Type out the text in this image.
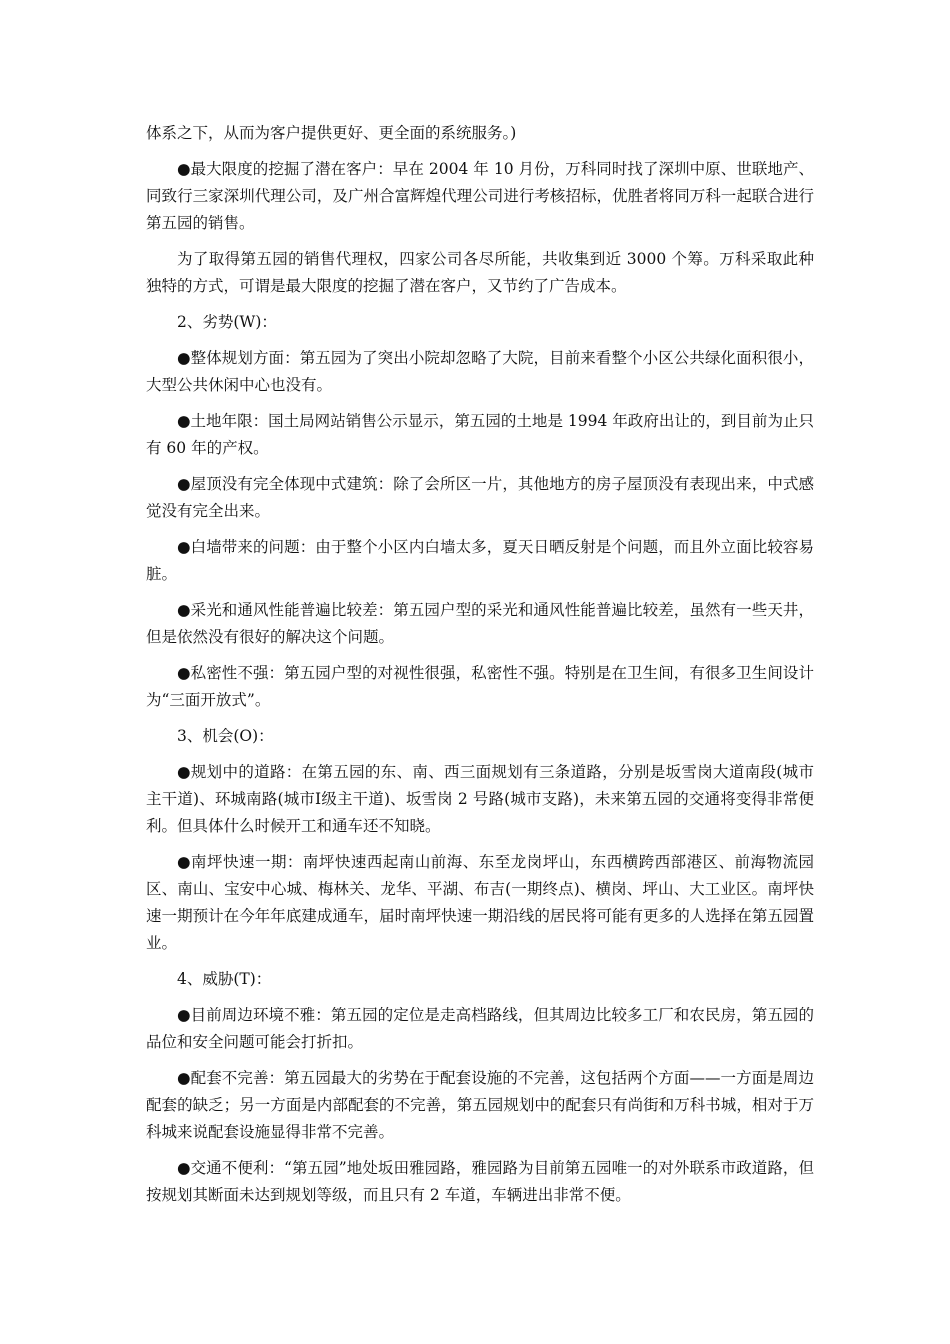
体系之下，从而为客户提供更好、更全面的系统服务。)

●最大限度的挖掘了潜在客户：早在 2004 年 10 月份，万科同时找了深圳中原、世联地产、同致行三家深圳代理公司，及广州合富辉煌代理公司进行考核招标，优胜者将同万科一起联合进行第五园的销售。

为了取得第五园的销售代理权，四家公司各尽所能，共收集到近 3000 个筹。万科采取此种独特的方式，可谓是最大限度的挖掘了潜在客户，又节约了广告成本。

2、劣势(W)：

●整体规划方面：第五园为了突出小院却忽略了大院，目前来看整个小区公共绿化面积很小，大型公共休闲中心也没有。

●土地年限：国土局网站销售公示显示，第五园的土地是 1994 年政府出让的，到目前为止只有 60 年的产权。

●屋顶没有完全体现中式建筑：除了会所区一片，其他地方的房子屋顶没有表现出来，中式感觉没有完全出来。

●白墙带来的问题：由于整个小区内白墙太多，夏天日晒反射是个问题，而且外立面比较容易脏。

●采光和通风性能普遍比较差：第五园户型的采光和通风性能普遍比较差，虽然有一些天井，但是依然没有很好的解决这个问题。

●私密性不强：第五园户型的对视性很强，私密性不强。特别是在卫生间，有很多卫生间设计为“三面开放式”。

3、机会(O)：

●规划中的道路：在第五园的东、南、西三面规划有三条道路，分别是坂雪岗大道南段(城市主干道)、环城南路(城市Ⅰ级主干道)、坂雪岗 2 号路(城市支路)，未来第五园的交通将变得非常便利。但具体什么时候开工和通车还不知晓。

●南坪快速一期：南坪快速西起南山前海、东至龙岗坪山，东西横跨西部港区、前海物流园区、南山、宝安中心城、梅林关、龙华、平湖、布吉(一期终点)、横岗、坪山、大工业区。南坪快速一期预计在今年年底建成通车，届时南坪快速一期沿线的居民将可能有更多的人选择在第五园置业。

4、威胁(T)：

●目前周边环境不雅：第五园的定位是走高档路线，但其周边比较多工厂和农民房，第五园的品位和安全问题可能会打折扣。

●配套不完善：第五园最大的劣势在于配套设施的不完善，这包括两个方面——一方面是周边配套的缺乏；另一方面是内部配套的不完善，第五园规划中的配套只有尚街和万科书城，相对于万科城来说配套设施显得非常不完善。

●交通不便利：“第五园”地处坂田雅园路，雅园路为目前第五园唯一的对外联系市政道路，但按规划其断面未达到规划等级，而且只有 2 车道，车辆进出非常不便。
